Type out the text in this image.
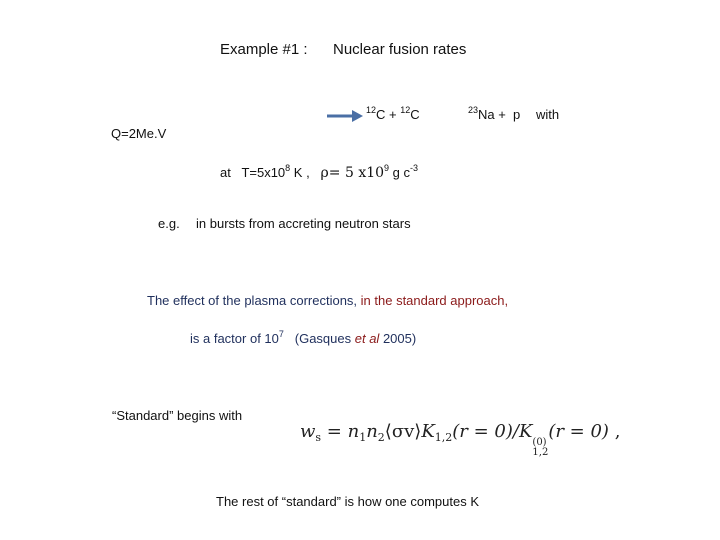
Example #1 : Nuclear fusion rates
$^{12}$C + $^{12}$C	$^{23}$Na +  p with
Q=2Me.V
at   $T=5x10^8$ K , ρ= 5 $x10^9$ g $c^{-3}$
e.g. in bursts from accreting neutron stars
The effect of the plasma corrections, in the standard approach,
is a factor of $10^7$ (Gasques et al 2005)
“Standard” begins with
$w_s$ = $n_1n_2⟨\sigma v⟩K_{1,2}(r = 0)/K$
(0)
1,2
(r = 0) ,
The rest of “standard” is how one computes K
